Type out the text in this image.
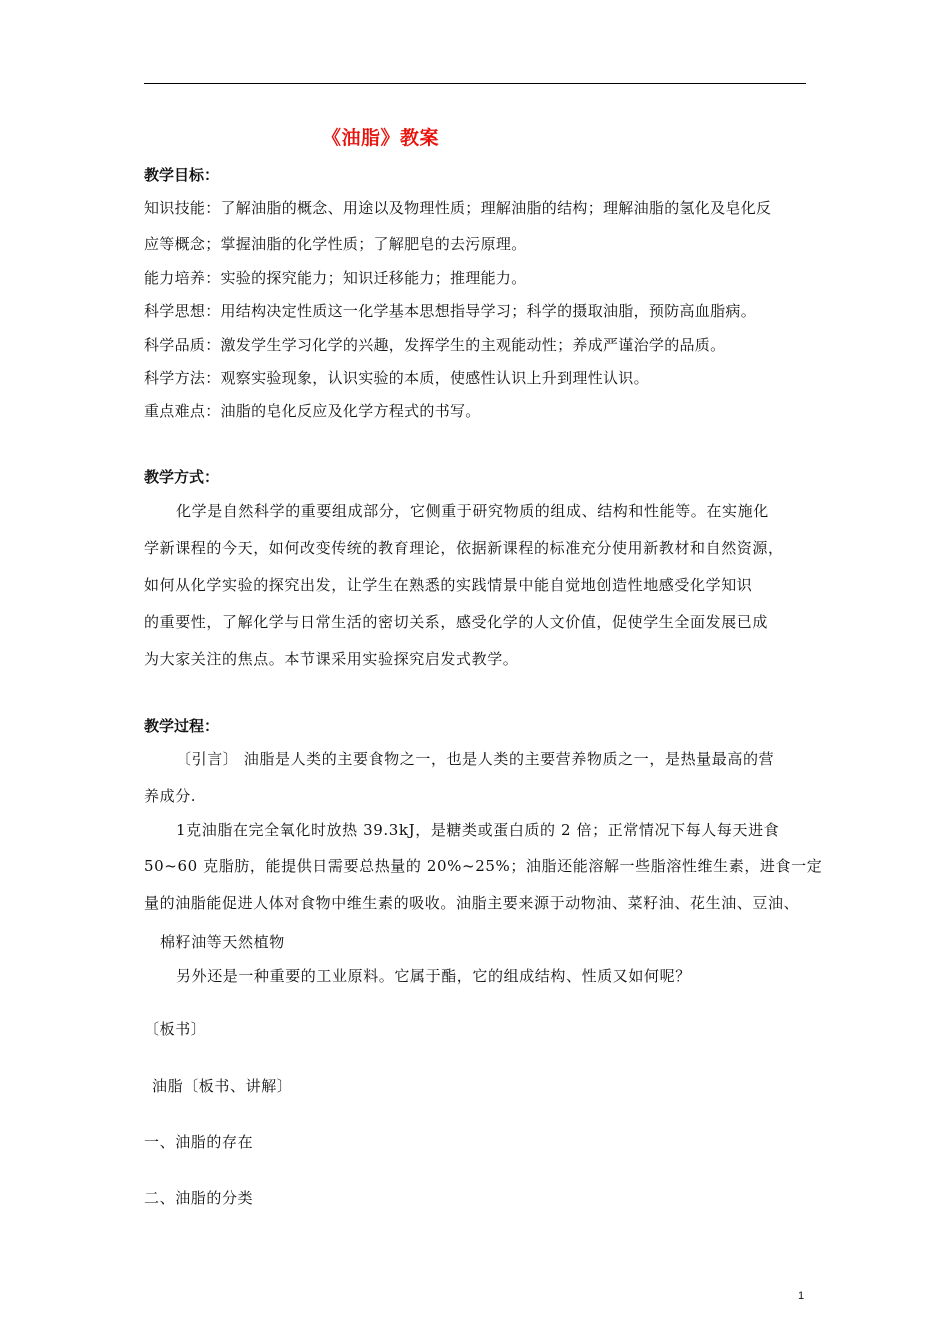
《油脂》教案
教学目标：
知识技能：了解油脂的概念、用途以及物理性质；理解油脂的结构；理解油脂的氢化及皂化反
应等概念；掌握油脂的化学性质；了解肥皂的去污原理。
能力培养：实验的探究能力；知识迁移能力；推理能力。
科学思想：用结构决定性质这一化学基本思想指导学习；科学的摄取油脂，预防高血脂病。
科学品质：激发学生学习化学的兴趣，发挥学生的主观能动性；养成严谨治学的品质。
科学方法：观察实验现象，认识实验的本质，使感性认识上升到理性认识。
重点难点：油脂的皂化反应及化学方程式的书写。
教学方式：
化学是自然科学的重要组成部分，它侧重于研究物质的组成、结构和性能等。在实施化
学新课程的今天，如何改变传统的教育理论，依据新课程的标准充分使用新教材和自然资源，
如何从化学实验的探究出发，让学生在熟悉的实践情景中能自觉地创造性地感受化学知识
的重要性，了解化学与日常生活的密切关系，感受化学的人文价值，促使学生全面发展已成
为大家关注的焦点。本节课采用实验探究启发式教学。
教学过程：
〔引言〕 油脂是人类的主要食物之一，也是人类的主要营养物质之一，是热量最高的营
养成分.
1克油脂在完全氧化时放热 39.3kJ，是糖类或蛋白质的 2 倍；正常情况下每人每天进食
50~60 克脂肪，能提供日需要总热量的 20%~25%；油脂还能溶解一些脂溶性维生素，进食一定
量的油脂能促进人体对食物中维生素的吸收。油脂主要来源于动物油、菜籽油、花生油、豆油、
棉籽油等天然植物
另外还是一种重要的工业原料。它属于酯，它的组成结构、性质又如何呢？
〔板书〕
油脂〔板书、讲解〕
一、油脂的存在
二、油脂的分类
1
